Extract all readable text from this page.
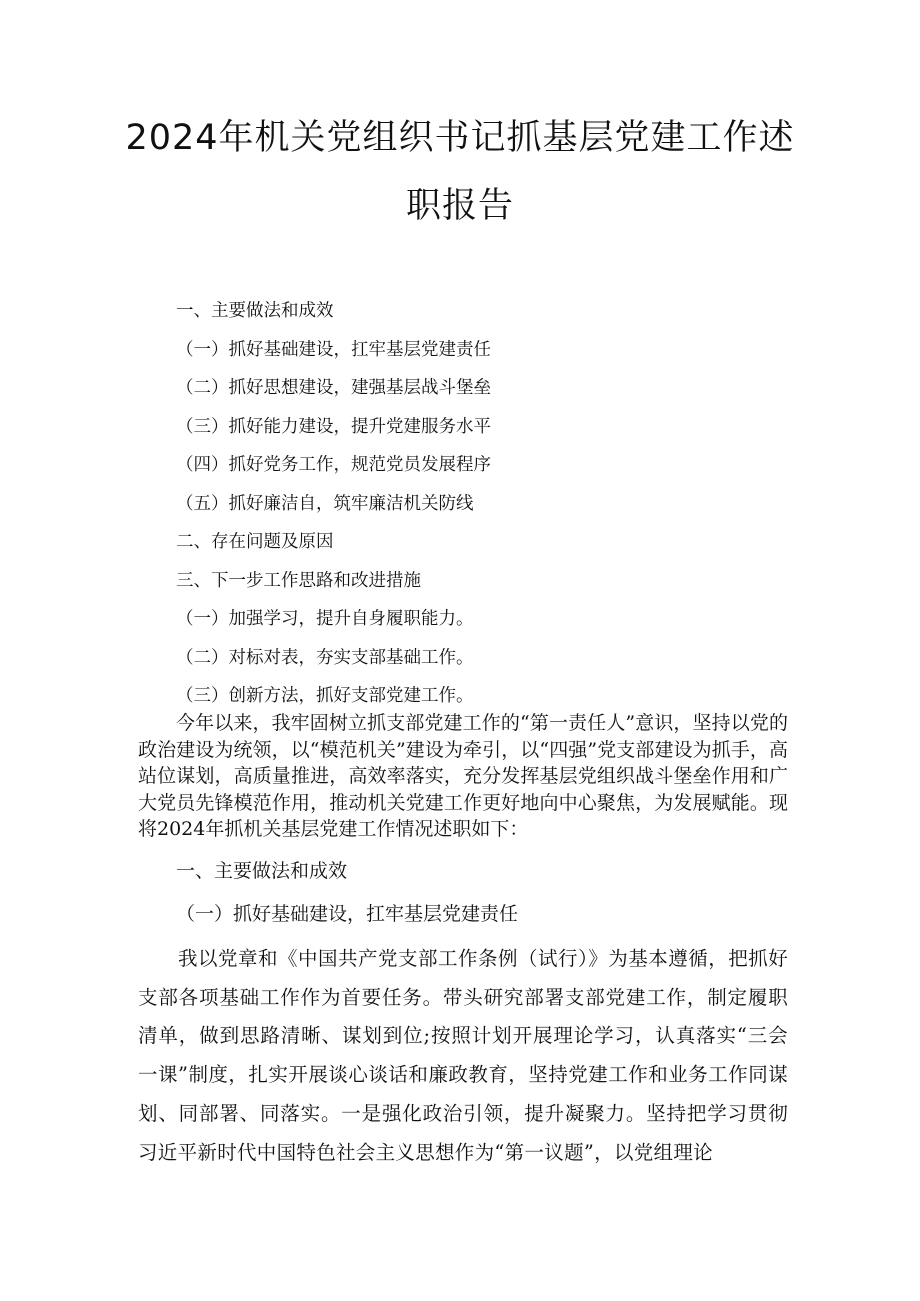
2024年机关党组织书记抓基层党建工作述
职报告
一、主要做法和成效
（一）抓好基础建设，扛牢基层党建责任
（二）抓好思想建设，建强基层战斗堡垒
（三）抓好能力建设，提升党建服务水平
（四）抓好党务工作，规范党员发展程序
（五）抓好廉洁自，筑牢廉洁机关防线
二、存在问题及原因
三、下一步工作思路和改进措施
（一）加强学习，提升自身履职能力。
（二）对标对表，夯实支部基础工作。
（三）创新方法，抓好支部党建工作。
今年以来，我牢固树立抓支部党建工作的“第一责任人”意识，坚持以党的政治建设为统领，以“模范机关”建设为牵引，以“四强”党支部建设为抓手，高站位谋划，高质量推进，高效率落实，充分发挥基层党组织战斗堡垒作用和广大党员先锋模范作用，推动机关党建工作更好地向中心聚焦，为发展赋能。现将2024年抓机关基层党建工作情况述职如下：
一、主要做法和成效
（一）抓好基础建设，扛牢基层党建责任
我以党章和《中国共产党支部工作条例（试行）》为基本遵循，把抓好支部各项基础工作作为首要任务。带头研究部署支部党建工作，制定履职清单，做到思路清晰、谋划到位;按照计划开展理论学习，认真落实“三会一课”制度，扎实开展谈心谈话和廉政教育，坚持党建工作和业务工作同谋划、同部署、同落实。一是强化政治引领，提升凝聚力。坚持把学习贯彻习近平新时代中国特色社会主义思想作为“第一议题”，以党组理论
